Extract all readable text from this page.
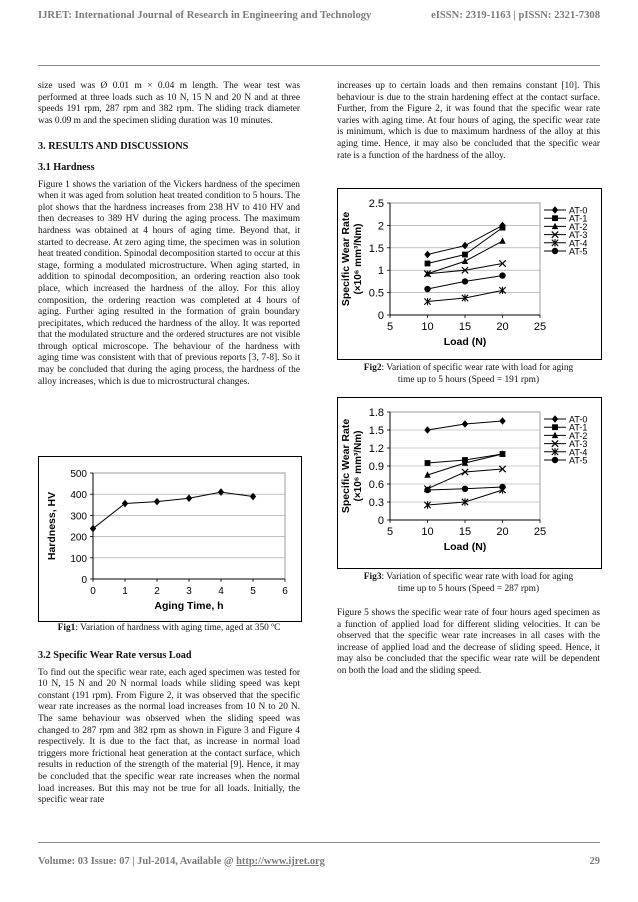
IJRET: International Journal of Research in Engineering and Technology	eISSN: 2319-1163 | pISSN: 2321-7308

size used was Ø 0.01 m × 0.04 m length. The wear test was performed at three loads such as 10 N, 15 N and 20 N and at three speeds 191 rpm, 287 rpm and 382 rpm. The sliding track diameter was 0.09 m and the specimen sliding duration was 10 minutes.

3. RESULTS AND DISCUSSIONS
3.1 Hardness

Figure 1 shows the variation of the Vickers hardness of the specimen when it was aged from solution heat treated condition to 5 hours. The plot shows that the hardness increases from 238 HV to 410 HV and then decreases to 389 HV during the aging process. The maximum hardness was obtained at 4 hours of aging time. Beyond that, it started to decrease. At zero aging time, the specimen was in solution heat treated condition. Spinodal decomposition started to occur at this stage, forming a modulated microstructure. When aging started, in addition to spinodal decomposition, an ordering reaction also took place, which increased the hardness of the alloy. For this alloy composition, the ordering reaction was completed at 4 hours of aging. Further aging resulted in the formation of grain boundary precipitates, which reduced the hardness of the alloy. It was reported that the modulated structure and the ordered structures are not visible through optical microscope. The behaviour of the hardness with aging time was consistent with that of previous reports [3, 7-8]. So it may be concluded that during the aging process, the hardness of the alloy increases, which is due to microstructural changes.

0
100
200
300
400
500
0	1	2	3	4	5	6
Aging Time, h
Hardness, HV
Fig1: Variation of hardness with aging time, aged at 350 ºC
3.2 Specific Wear Rate versus Load

To find out the specific wear rate, each aged specimen was tested for 10 N, 15 N and 20 N normal loads while sliding speed was kept constant (191 rpm). From Figure 2, it was observed that the specific wear rate increases as the normal load increases from 10 N to 20 N. The same behaviour was observed when the sliding speed was changed to 287 rpm and 382 rpm as shown in Figure 3 and Figure 4 respectively. It is due to the fact that, as increase in normal load triggers more frictional heat generation at the contact surface, which results in reduction of the strength of the material [9]. Hence, it may be concluded that the specific wear rate increases when the normal load increases. But this may not be true for all loads. Initially, the specific wear rate

increases up to certain loads and then remains constant [10]. This behaviour is due to the strain hardening effect at the contact surface. Further, from the Figure 2, it was found that the specific wear rate varies with aging time. At four hours of aging, the specific wear rate is minimum, which is due to maximum hardness of the alloy at this aging time. Hence, it may also be concluded that the specific wear rate is a function of the hardness of the alloy.

0
0.5
1
1.5
2
2.5
5	10 15 20 25
Load (N)
Specific Wear Rate (×10⁶ mm³/Nm)
AT-0
AT-1
AT-2
AT-3
AT-4
AT-5
Fig2: Variation of specific wear rate with load for aging
time up to 5 hours (Speed = 191 rpm)
0
0.3
0.6
0.9
1.2
1.5
1.8
5	10 15 20 25
Load (N)
Specific Wear Rate (×10⁶ mm³/Nm)
AT-0
AT-1
AT-2
AT-3
AT-4
AT-5
Fig3: Variation of specific wear rate with load for aging
time up to 5 hours (Speed = 287 rpm)

Figure 5 shows the specific wear rate of four hours aged specimen as a function of applied load for different sliding velocities. It can be observed that the specific wear rate increases in all cases with the increase of applied load and the decrease of sliding speed. Hence, it may also be concluded that the specific wear rate will be dependent on both the load and the sliding speed.

Volume: 03 Issue: 07 | Jul-2014, Available @ http://www.ijret.org	29
